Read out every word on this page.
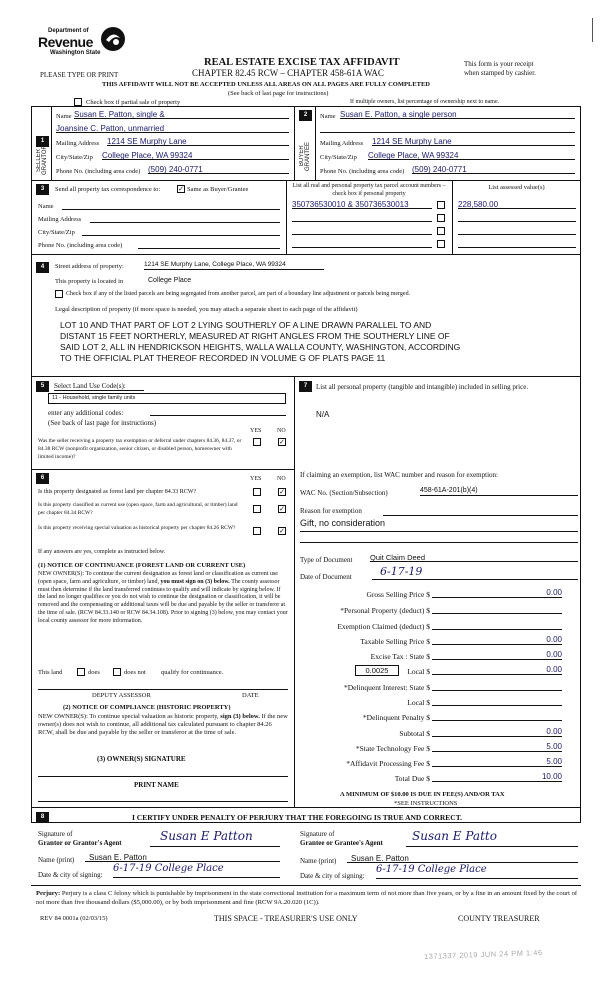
Department of
Revenue
Washington State
PLEASE TYPE OR PRINT
REAL ESTATE EXCISE TAX AFFIDAVIT
CHAPTER 82.45 RCW – CHAPTER 458-61A WAC
THIS AFFIDAVIT WILL NOT BE ACCEPTED UNLESS ALL AREAS ON ALL PAGES ARE FULLY COMPLETED
(See back of last page for instructions)
This form is your receipt
when stamped by cashier.
Check box if partial sale of property	If multiple owners, list percentage of ownership next to name.
1
SELLER GRANTOR
Name Susan E. Patton, single &
Joansine C. Patton, unmarried
Mailing Address 1214 SE Murphy Lane
City/State/Zip College Place, WA 99324
Phone No. (including area code) (509) 240-0771
2
BUYER GRANTEE
Name Susan E. Patton, a single person
Mailing Address 1214 SE Murphy Lane
City/State/Zip College Place, WA 99324
Phone No. (including area code) (509) 240-0771
3	Send all property tax correspondence to:	✓ Same as Buyer/Grantee
Name
Mailing Address
City/State/Zip
Phone No. (including area code)
List all real and personal property tax parcel account numbers – check box if personal property
List assessed value(s)
350736530010 & 350736530013	228,580.00
4	Street address of property:	1214 SE Murphy Lane, College Place, WA 99324
This property is located in	College Place
Check box if any of the listed parcels are being segregated from another parcel, are part of a boundary line adjustment or parcels being merged.
Legal description of property (if more space is needed, you may attach a separate sheet to each page of the affidavit)
LOT 10 AND THAT PART OF LOT 2 LYING SOUTHERLY OF A LINE DRAWN PARALLEL TO AND
DISTANT 15 FEET NORTHERLY, MEASURED AT RIGHT ANGLES FROM THE SOUTHERLY LINE OF
SAID LOT 2, ALL IN HENDRICKSON HEIGHTS, WALLA WALLA COUNTY, WASHINGTON, ACCORDING
TO THE OFFICIAL PLAT THEREOF RECORDED IN VOLUME G OF PLATS PAGE 11
5	Select Land Use Code(s):
11 - Household, single family units
enter any additional codes:
(See back of last page for instructions)
YES	NO
Was the seller receiving a property tax exemption or deferral under chapters 84.36, 84.37, or 84.38 RCW (nonprofit organization, senior citizen, or disabled person, homeowner with limited income)?
✓
6	YES	NO
Is this property designated as forest land per chapter 84.33 RCW?	✓
Is this property classified as current use (open space, farm and agricultural, or timber) land per chapter 84.34 RCW?	✓
Is this property receiving special valuation as historical property per chapter 84.26 RCW?	✓
If any answers are yes, complete as instructed below.
(1) NOTICE OF CONTINUANCE (FOREST LAND OR CURRENT USE)
NEW OWNER(S): To continue the current designation as forest land or classification as current use (open space, farm and agriculture, or timber) land, you must sign on (3) below. The county assessor must then determine if the land transferred continues to qualify and will indicate by signing below. If the land no longer qualifies or you do not wish to continue the designation or classification, it will be removed and the compensating or additional taxes will be due and payable by the seller or transferor at the time of sale. (RCW 84.33.140 or RCW 84.34.108). Prior to signing (3) below, you may contact your local county assessor for more information.
This land	does	does not qualify for continuance.
DEPUTY ASSESSOR	DATE
(2) NOTICE OF COMPLIANCE (HISTORIC PROPERTY)
NEW OWNER(S): To continue special valuation as historic property, sign (3) below. If the new owner(s) does not wish to continue, all additional tax calculated pursuant to chapter 84.26 RCW, shall be due and payable by the seller or transferor at the time of sale.
(3) OWNER(S) SIGNATURE
PRINT NAME
7	List all personal property (tangible and intangible) included in selling price.
N/A
If claiming an exemption, list WAC number and reason for exemption:
WAC No. (Section/Subsection)	458-61A-201(b)(4)
Reason for exemption
Gift, no consideration
Type of Document Quit Claim Deed
Date of Document	6-17-19
Gross Selling Price $	0.00
*Personal Property (deduct) $
Exemption Claimed (deduct) $
Taxable Selling Price $	0.00
Excise Tax : State $	0.00
0.0025	Local $	0.00
*Delinquent Interest: State $
Local $
*Delinquent Penalty $
Subtotal $	0.00
*State Technology Fee $	5.00
*Affidavit Processing Fee $	5.00
Total Due $	10.00
A MINIMUM OF $10.00 IS DUE IN FEE(S) AND/OR TAX
*SEE INSTRUCTIONS
8	I CERTIFY UNDER PENALTY OF PERJURY THAT THE FOREGOING IS TRUE AND CORRECT.
Signature of
Grantor or Grantor's Agent	Susan E Patton
Name (print)	Susan E. Patton
Date & city of signing:
6-17-19 College Place
Signature of
Grantee or Grantee's Agent	Susan E Patto
Name (print)	Susan E. Patton
Date & city of signing:
6-17-19 College Place
Perjury: Perjury is a class C felony which is punishable by imprisonment in the state correctional institution for a maximum term of not more than five years, or by a fine in an amount fixed by the court of not more than five thousand dollars ($5,000.00), or by both imprisonment and fine (RCW 9A.20.020 (1C)).
REV 84 0001a (02/03/15)	THIS SPACE - TREASURER'S USE ONLY	COUNTY TREASURER
1371337 2019 JUN 24 PM 1:46
